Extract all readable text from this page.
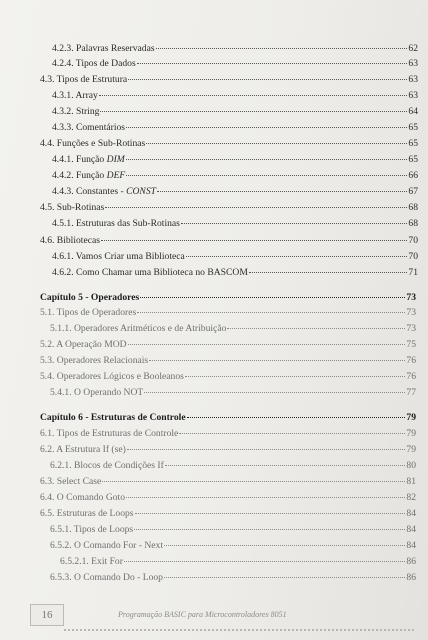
4.2.3. Palavras Reservadas	62
4.2.4. Tipos de Dados	63
4.3. Tipos de Estrutura	63
4.3.1. Array	63
4.3.2. String	64
4.3.3. Comentários	65
4.4. Funções e Sub-Rotinas	65
4.4.1. Função DIM	65
4.4.2. Função DEF	66
4.4.3. Constantes - CONST	67
4.5. Sub-Rotinas	68
4.5.1. Estruturas das Sub-Rotinas	68
4.6. Bibliotecas	70
4.6.1. Vamos Criar uma Biblioteca	70
4.6.2. Como Chamar uma Biblioteca no BASCOM	71
Capítulo 5 - Operadores	73
5.1. Tipos de Operadores	73
5.1.1. Operadores Aritméticos e de Atribuição	73
5.2. A Operação MOD	75
5.3. Operadores Relacionais	76
5.4. Operadores Lógicos e Booleanos	76
5.4.1. O Operando NOT	77
Capítulo 6 - Estruturas de Controle	79
6.1. Tipos de Estruturas de Controle	79
6.2. A Estrutura If (se)	79
6.2.1. Blocos de Condições If	80
6.3. Select Case	81
6.4. O Comando Goto	82
6.5. Estruturas de Loops	84
6.5.1. Tipos de Loops	84
6.5.2. O Comando For - Next	84
6.5.2.1. Exit For	86
6.5.3. O Comando Do - Loop	86
16	Programação BASIC para Microcontroladores 8051
